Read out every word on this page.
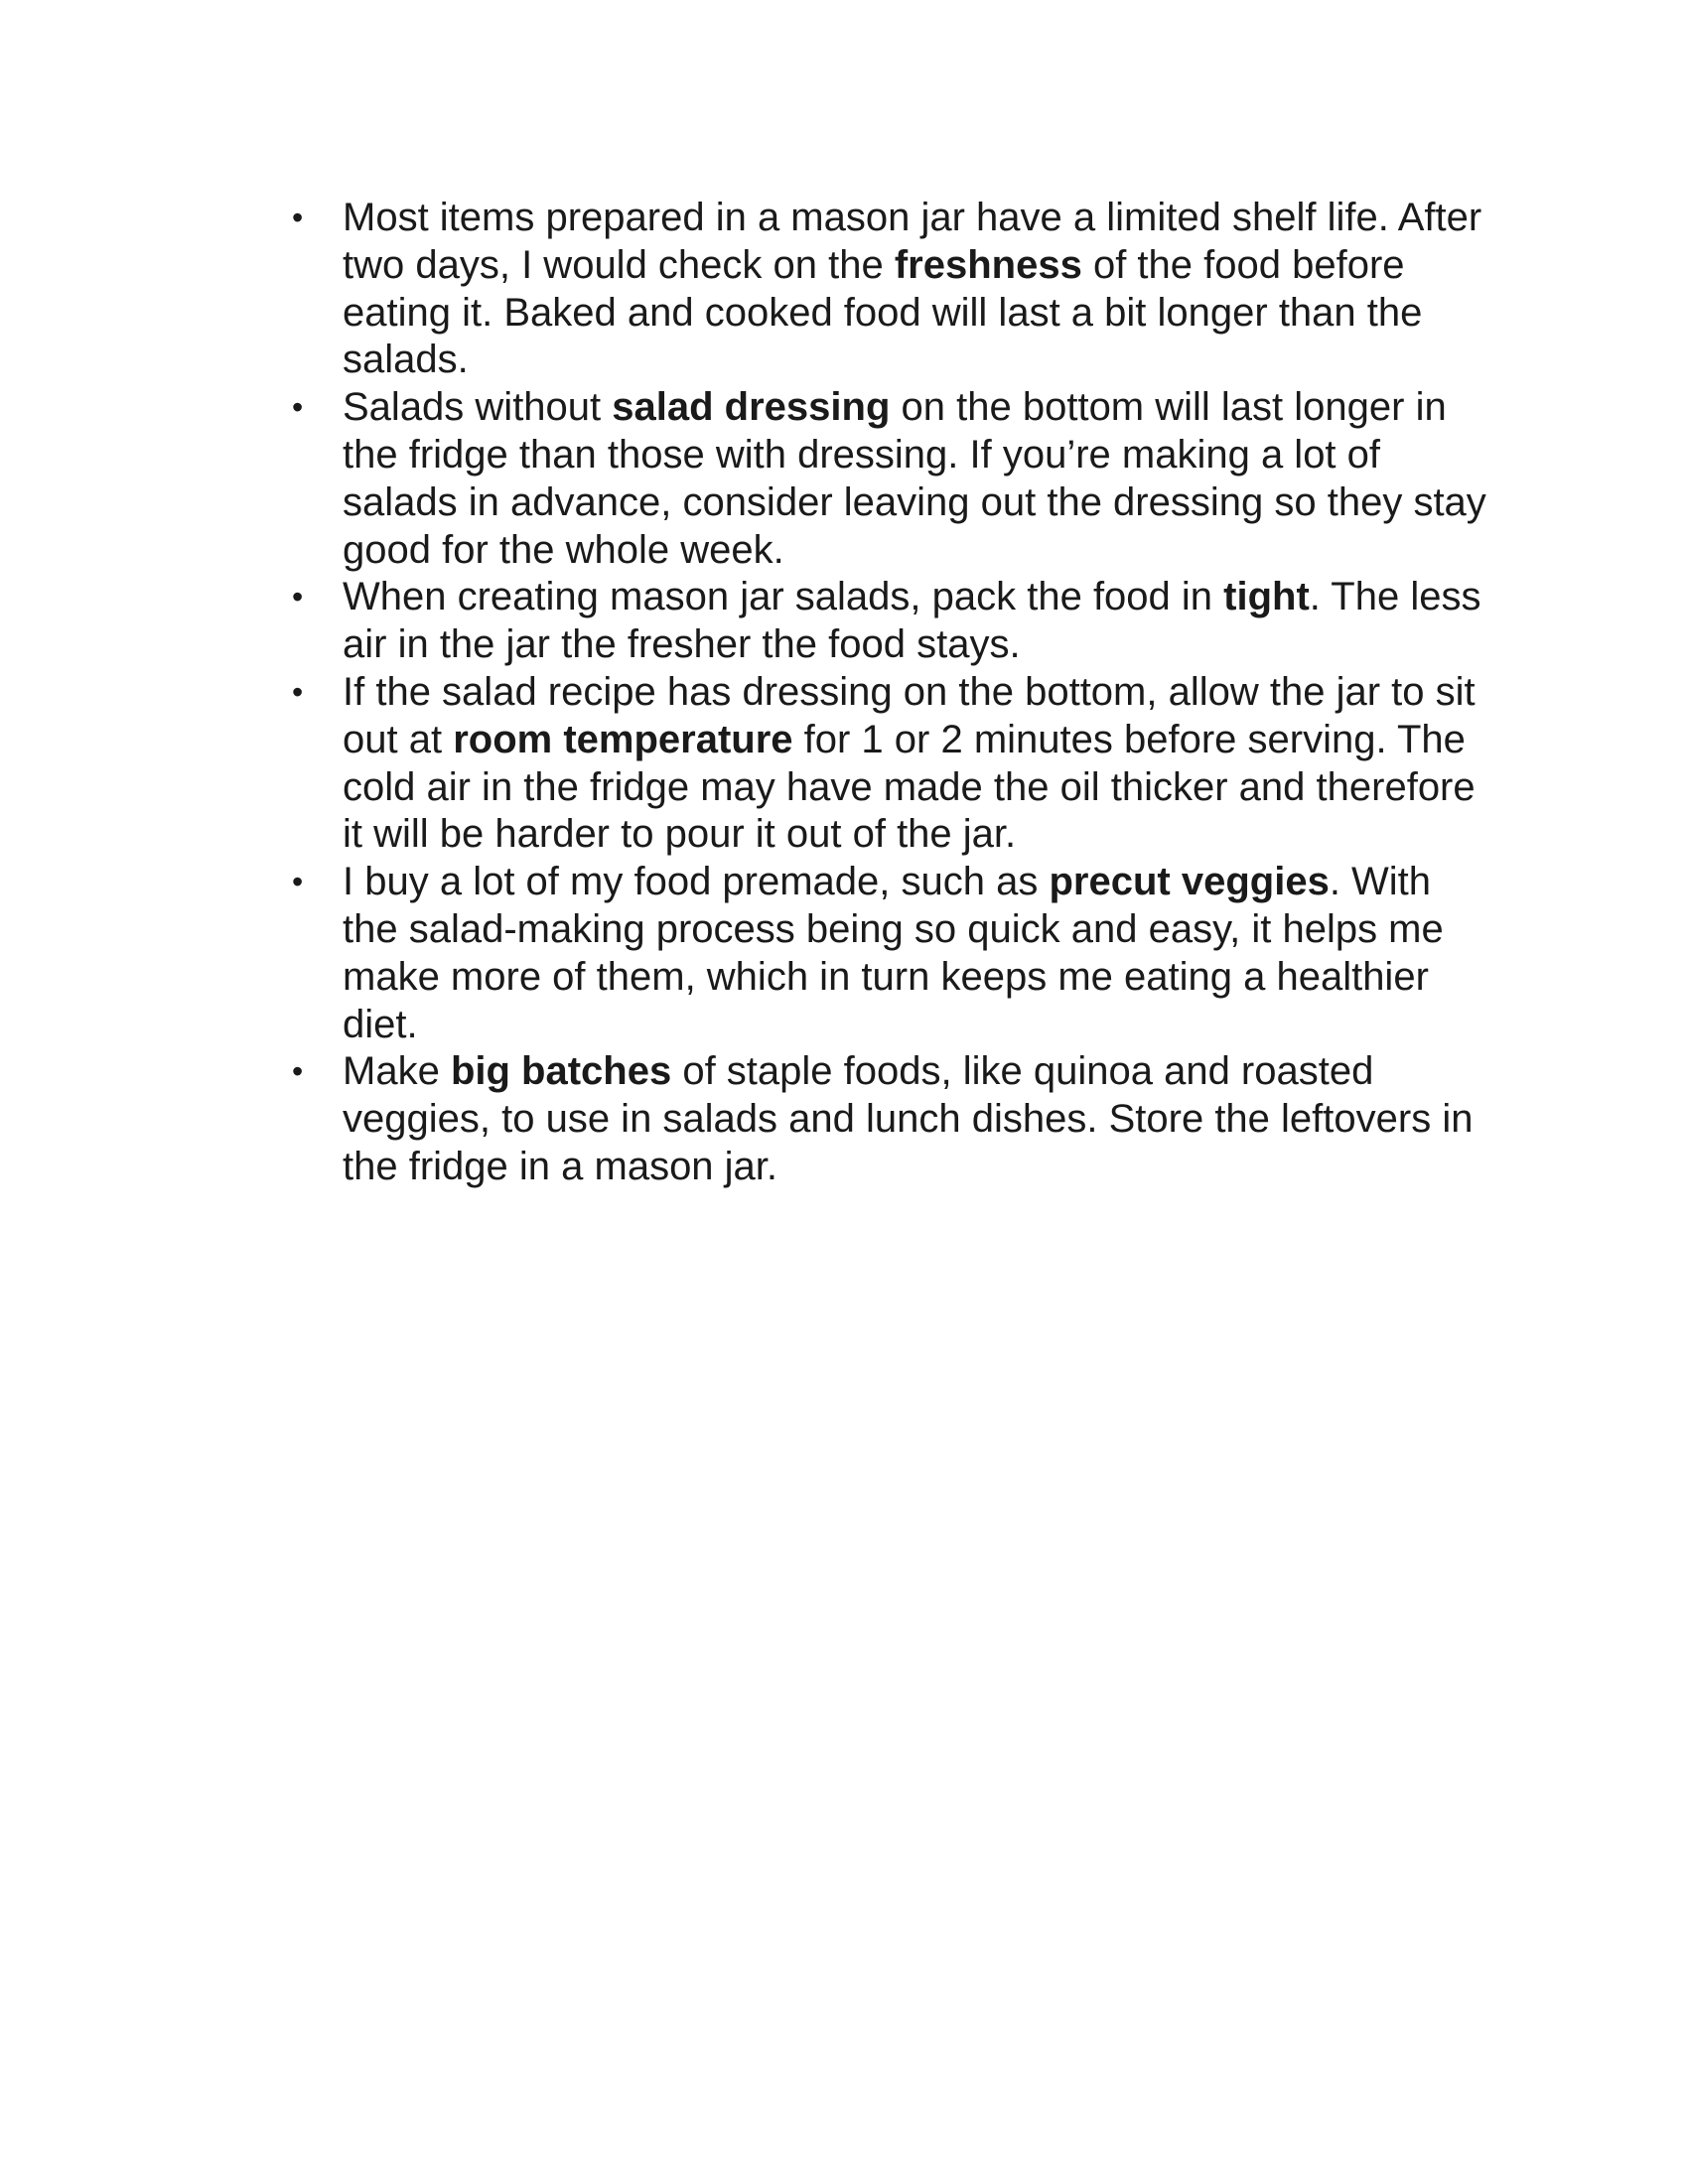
• Most items prepared in a mason jar have a limited shelf life. After two days, I would check on the freshness of the food before eating it. Baked and cooked food will last a bit longer than the salads.
• Salads without salad dressing on the bottom will last longer in the fridge than those with dressing. If you’re making a lot of salads in advance, consider leaving out the dressing so they stay good for the whole week.
• When creating mason jar salads, pack the food in tight. The less air in the jar the fresher the food stays.
• If the salad recipe has dressing on the bottom, allow the jar to sit out at room temperature for 1 or 2 minutes before serving. The cold air in the fridge may have made the oil thicker and therefore it will be harder to pour it out of the jar.
• I buy a lot of my food premade, such as precut veggies. With the salad-making process being so quick and easy, it helps me make more of them, which in turn keeps me eating a healthier diet.
• Make big batches of staple foods, like quinoa and roasted veggies, to use in salads and lunch dishes. Store the leftovers in the fridge in a mason jar.
